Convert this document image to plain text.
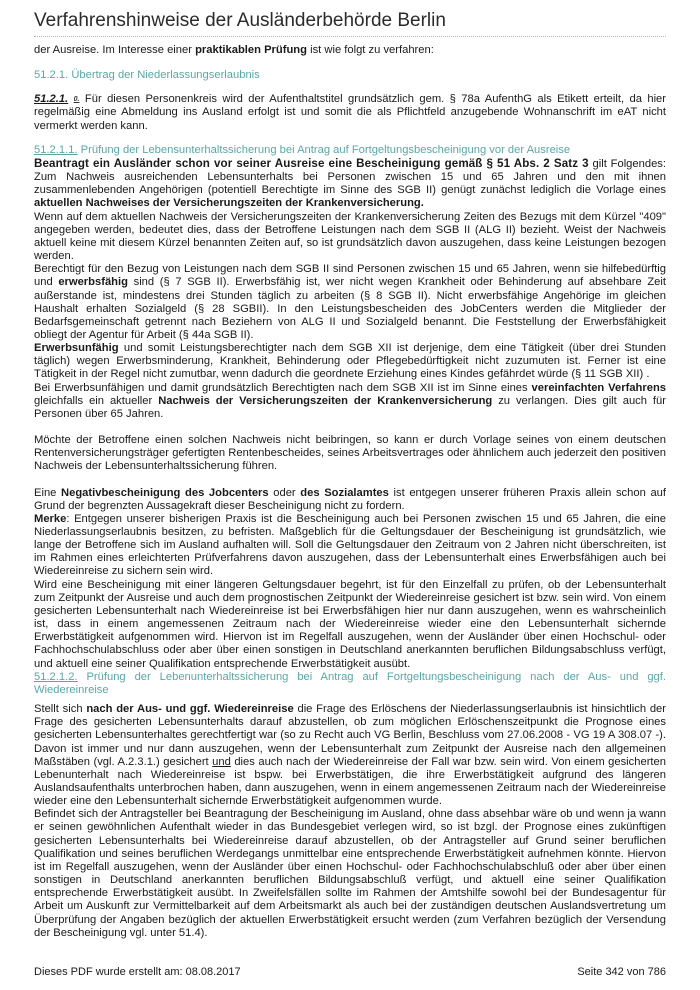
Verfahrenshinweise der Ausländerbehörde Berlin

der Ausreise. Im Interesse einer praktikablen Prüfung ist wie folgt zu verfahren:

51.2.1. Übertrag der Niederlassungserlaubnis

51.2.1. 0. Für diesen Personenkreis wird der Aufenthaltstitel grundsätzlich gem. § 78a AufenthG als Etikett erteilt, da hier regelmäßig eine Abmeldung ins Ausland erfolgt ist und somit die als Pflichtfeld anzugebende Wohnanschrift im eAT nicht vermerkt werden kann.

51.2.1.1. Prüfung der Lebensunterhaltssicherung bei Antrag auf Fortgeltungsbescheinigung vor der Ausreise

Beantragt ein Ausländer schon vor seiner Ausreise eine Bescheinigung gemäß § 51 Abs. 2 Satz 3 gilt Folgendes: Zum Nachweis ausreichenden Lebensunterhalts bei Personen zwischen 15 und 65 Jahren und den mit ihnen zusammenlebenden Angehörigen (potentiell Berechtigte im Sinne des SGB II) genügt zunächst lediglich die Vorlage eines aktuellen Nachweises der Versicherungszeiten der Krankenversicherung.

Wenn auf dem aktuellen Nachweis der Versicherungszeiten der Krankenversicherung Zeiten des Bezugs mit dem Kürzel "409" angegeben werden, bedeutet dies, dass der Betroffene Leistungen nach dem SGB II (ALG II) bezieht. Weist der Nachweis aktuell keine mit diesem Kürzel benannten Zeiten auf, so ist grundsätzlich davon auszugehen, dass keine Leistungen bezogen werden.

Berechtigt für den Bezug von Leistungen nach dem SGB II sind Personen zwischen 15 und 65 Jahren, wenn sie hilfebedürftig und erwerbsfähig sind (§ 7 SGB II). Erwerbsfähig ist, wer nicht wegen Krankheit oder Behinderung auf absehbare Zeit außerstande ist, mindestens drei Stunden täglich zu arbeiten (§ 8 SGB II). Nicht erwerbsfähige Angehörige im gleichen Haushalt erhalten Sozialgeld (§ 28 SGBII). In den Leistungsbescheiden des JobCenters werden die Mitglieder der Bedarfsgemeinschaft getrennt nach Beziehern von ALG II und Sozialgeld benannt. Die Feststellung der Erwerbsfähigkeit obliegt der Agentur für Arbeit (§ 44a SGB II).

Erwerbsunfähig und somit Leistungsberechtigter nach dem SGB XII ist derjenige, dem eine Tätigkeit (über drei Stunden täglich) wegen Erwerbsminderung, Krankheit, Behinderung oder Pflegebedürftigkeit nicht zuzumuten ist. Ferner ist eine Tätigkeit in der Regel nicht zumutbar, wenn dadurch die geordnete Erziehung eines Kindes gefährdet würde (§ 11 SGB XII) .

Bei Erwerbsunfähigen und damit grundsätzlich Berechtigten nach dem SGB XII ist im Sinne eines vereinfachten Verfahrens gleichfalls ein aktueller Nachweis der Versicherungszeiten der Krankenversicherung zu verlangen. Dies gilt auch für Personen über 65 Jahren.

Möchte der Betroffene einen solchen Nachweis nicht beibringen, so kann er durch Vorlage seines von einem deutschen Rentenversicherungsträger gefertigten Rentenbescheides, seines Arbeitsvertrages oder ähnlichem auch jederzeit den positiven Nachweis der Lebensunterhaltssicherung führen.

Eine Negativbescheinigung des Jobcenters oder des Sozialamtes ist entgegen unserer früheren Praxis allein schon auf Grund der begrenzten Aussagekraft dieser Bescheinigung nicht zu fordern.

Merke: Entgegen unserer bisherigen Praxis ist die Bescheinigung auch bei Personen zwischen 15 und 65 Jahren, die eine Niederlassungserlaubnis besitzen, zu befristen. Maßgeblich für die Geltungsdauer der Bescheinigung ist grundsätzlich, wie lange der Betroffene sich im Ausland aufhalten will. Soll die Geltungsdauer den Zeitraum von 2 Jahren nicht überschreiten, ist im Rahmen eines erleichterten Prüfverfahrens davon auszugehen, dass der Lebensunterhalt eines Erwerbsfähigen auch bei Wiedereinreise zu sichern sein wird.

Wird eine Bescheinigung mit einer längeren Geltungsdauer begehrt, ist für den Einzelfall zu prüfen, ob der Lebensunterhalt zum Zeitpunkt der Ausreise und auch dem prognostischen Zeitpunkt der Wiedereinreise gesichert ist bzw. sein wird. Von einem gesicherten Lebensunterhalt nach Wiedereinreise ist bei Erwerbsfähigen hier nur dann auszugehen, wenn es wahrscheinlich ist, dass in einem angemessenen Zeitraum nach der Wiedereinreise wieder eine den Lebensunterhalt sichernde Erwerbstätigkeit aufgenommen wird. Hiervon ist im Regelfall auszugehen, wenn der Ausländer über einen Hochschul- oder Fachhochschulabschluss oder aber über einen sonstigen in Deutschland anerkannten beruflichen Bildungsabschluss verfügt, und aktuell eine seiner Qualifikation entsprechende Erwerbstätigkeit ausübt.

51.2.1.2. Prüfung der Lebenunterhaltssicherung bei Antrag auf Fortgeltungsbescheinigung nach der Aus- und ggf. Wiedereinreise

Stellt sich nach der Aus- und ggf. Wiedereinreise die Frage des Erlöschens der Niederlassungserlaubnis ist hinsichtlich der Frage des gesicherten Lebensunterhalts darauf abzustellen, ob zum möglichen Erlöschenszeitpunkt die Prognose eines gesicherten Lebensunterhaltes gerechtfertigt war (so zu Recht auch VG Berlin, Beschluss vom 27.06.2008 - VG 19 A 308.07 -). Davon ist immer und nur dann auszugehen, wenn der Lebensunterhalt zum Zeitpunkt der Ausreise nach den allgemeinen Maßstäben (vgl. A.2.3.1.) gesichert und dies auch nach der Wiedereinreise der Fall war bzw. sein wird. Von einem gesicherten Lebenunterhalt nach Wiedereinreise ist bspw. bei Erwerbstätigen, die ihre Erwerbstätigkeit aufgrund des längeren Auslandsaufenthalts unterbrochen haben, dann auszugehen, wenn in einem angemessenen Zeitraum nach der Wiedereinreise wieder eine den Lebensunterhalt sichernde Erwerbstätigkeit aufgenommen wurde.

Befindet sich der Antragsteller bei Beantragung der Bescheinigung im Ausland, ohne dass absehbar wäre ob und wenn ja wann er seinen gewöhnlichen Aufenthalt wieder in das Bundesgebiet verlegen wird, so ist bzgl. der Prognose eines zukünftigen gesicherten Lebensunterhalts bei Wiedereinreise darauf abzustellen, ob der Antragsteller auf Grund seiner beruflichen Qualifikation und seines beruflichen Werdegangs unmittelbar eine entsprechende Erwerbstätigkeit aufnehmen könnte. Hiervon ist im Regelfall auszugehen, wenn der Ausländer über einen Hochschul- oder Fachhochschulabschluß oder aber über einen sonstigen in Deutschland anerkannten beruflichen Bildungsabschluß verfügt, und aktuell eine seiner Qualifikation entsprechende Erwerbstätigkeit ausübt. In Zweifelsfällen sollte im Rahmen der Amtshilfe sowohl bei der Bundesagentur für Arbeit um Auskunft zur Vermittelbarkeit auf dem Arbeitsmarkt als auch bei der zuständigen deutschen Auslandsvertretung um Überprüfung der Angaben bezüglich der aktuellen Erwerbstätigkeit ersucht werden (zum Verfahren bezüglich der Versendung der Bescheinigung vgl. unter 51.4).

Dieses PDF wurde erstellt am: 08.08.2017	Seite 342 von 786
